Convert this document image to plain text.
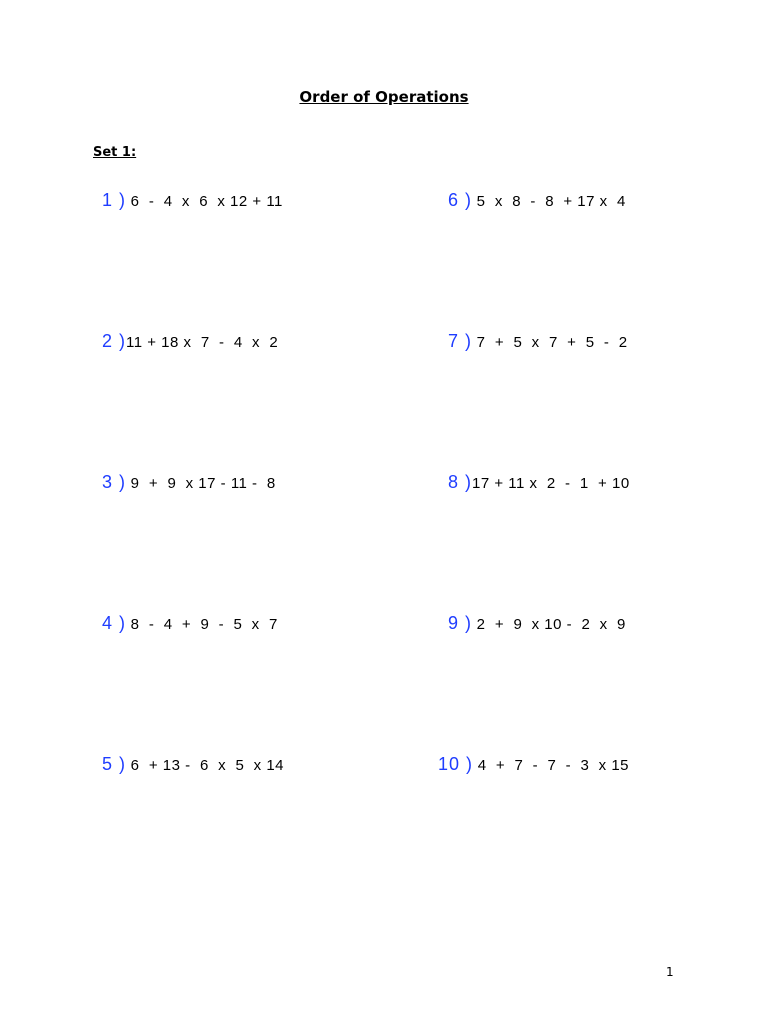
Order of Operations
Set 1:
1 ) 6  -  4  x  6  x 12 + 11
2 ) 11 + 18 x  7  -  4  x  2
3 ) 9  +  9  x 17 - 11 -  8
4 ) 8  -  4  +  9  -  5  x  7
5 ) 6  + 13 -  6  x  5  x 14
6 ) 5  x  8  -  8  + 17 x  4
7 ) 7  +  5  x  7  +  5  -  2
8 ) 17 + 11 x  2  -  1  + 10
9 ) 2  +  9  x 10 -  2  x  9
10 ) 4  +  7  -  7  -  3  x 15
1
